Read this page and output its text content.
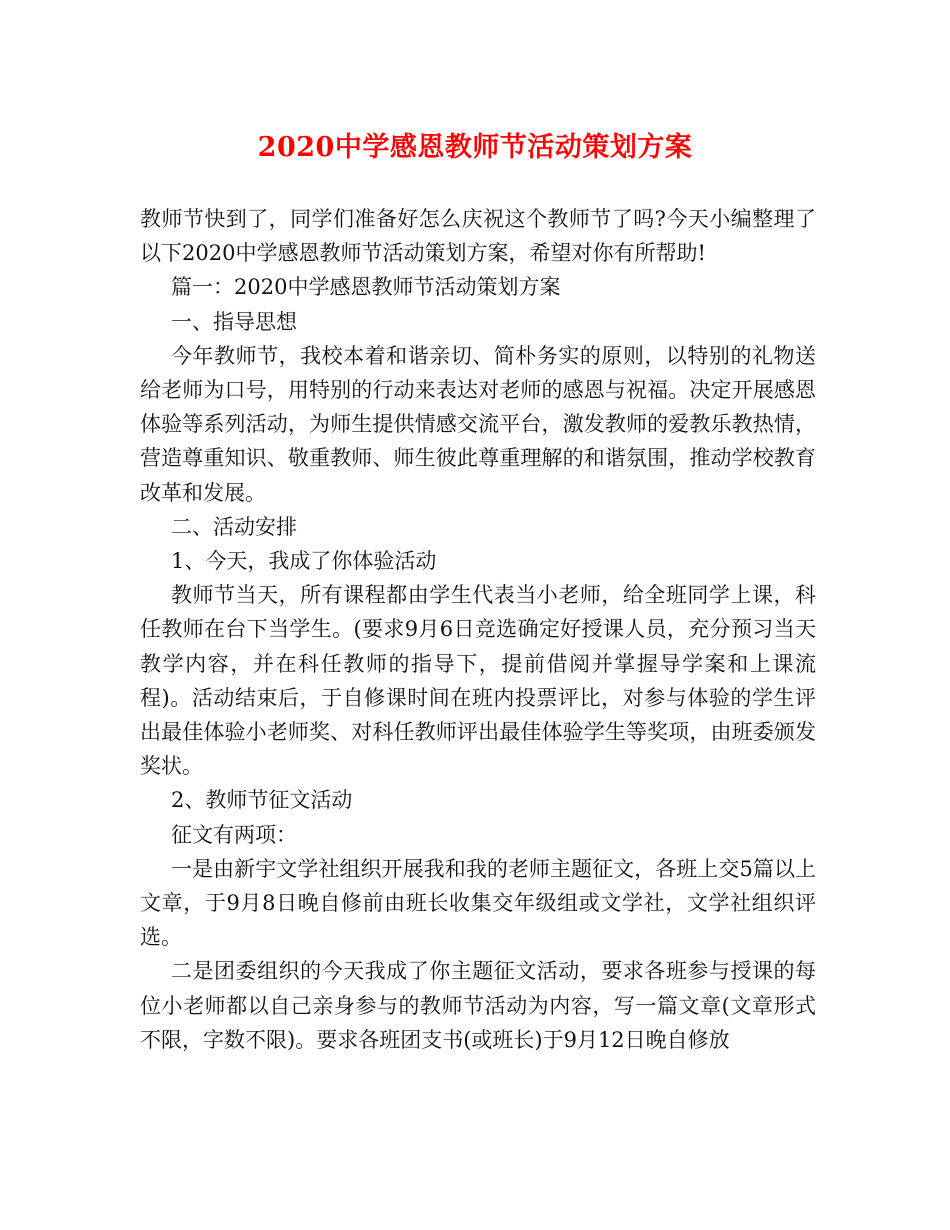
2020中学感恩教师节活动策划方案

教师节快到了，同学们准备好怎么庆祝这个教师节了吗?今天小编整理了以下2020中学感恩教师节活动策划方案，希望对你有所帮助!

篇一：2020中学感恩教师节活动策划方案

一、指导思想

今年教师节，我校本着和谐亲切、简朴务实的原则，以特别的礼物送给老师为口号，用特别的行动来表达对老师的感恩与祝福。决定开展感恩体验等系列活动，为师生提供情感交流平台，激发教师的爱教乐教热情，营造尊重知识、敬重教师、师生彼此尊重理解的和谐氛围，推动学校教育改革和发展。

二、活动安排

1、今天，我成了你体验活动

教师节当天，所有课程都由学生代表当小老师，给全班同学上课，科任教师在台下当学生。(要求9月6日竞选确定好授课人员，充分预习当天教学内容，并在科任教师的指导下，提前借阅并掌握导学案和上课流程)。活动结束后，于自修课时间在班内投票评比，对参与体验的学生评出最佳体验小老师奖、对科任教师评出最佳体验学生等奖项，由班委颁发奖状。

2、教师节征文活动

征文有两项：

一是由新宇文学社组织开展我和我的老师主题征文，各班上交5篇以上文章，于9月8日晚自修前由班长收集交年级组或文学社，文学社组织评选。

二是团委组织的今天我成了你主题征文活动，要求各班参与授课的每位小老师都以自己亲身参与的教师节活动为内容，写一篇文章(文章形式不限，字数不限)。要求各班团支书(或班长)于9月12日晚自修放
